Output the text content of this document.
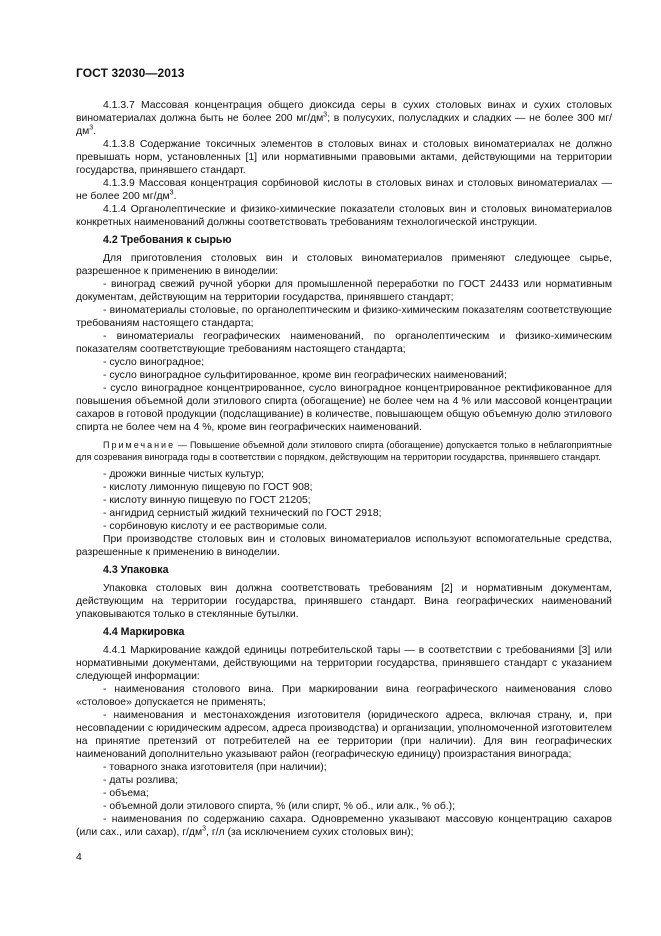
ГОСТ 32030—2013

4.1.3.7 Массовая концентрация общего диоксида серы в сухих столовых винах и сухих столовых виноматериалах должна быть не более 200 $мг/дм^3$; в полусухих, полусладких и сладких — не более 300 $мг/дм^3$.

4.1.3.8 Содержание токсичных элементов в столовых винах и столовых виноматериалах не должно превышать норм, установленных [1] или нормативными правовыми актами, действующими на территории государства, принявшего стандарт.

4.1.3.9 Массовая концентрация сорбиновой кислоты в столовых винах и столовых виноматериалах — не более 200 $мг/дм^3$.

4.1.4 Органолептические и физико-химические показатели столовых вин и столовых виноматериалов конкретных наименований должны соответствовать требованиям технологической инструкции.

4.2 Требования к сырью

Для приготовления столовых вин и столовых виноматериалов применяют следующее сырье, разрешенное к применению в виноделии:

- виноград свежий ручной уборки для промышленной переработки по ГОСТ 24433 или нормативным документам, действующим на территории государства, принявшего стандарт;

- виноматериалы столовые, по органолептическим и физико-химическим показателям соответствующие требованиям настоящего стандарта;

- виноматериалы географических наименований, по органолептическим и физико-химическим показателям соответствующие требованиям настоящего стандарта;

- сусло виноградное;

- сусло виноградное сульфитированное, кроме вин географических наименований;

- сусло виноградное концентрированное, сусло виноградное концентрированное ректификованное для повышения объемной доли этилового спирта (обогащение) не более чем на 4 % или массовой концентрации сахаров в готовой продукции (подслащивание) в количестве, повышающем общую объемную долю этилового спирта не более чем на 4 %, кроме вин географических наименований.

Примечание — Повышение объемной доли этилового спирта (обогащение) допускается только в неблагоприятные для созревания винограда годы в соответствии с порядком, действующим на территории государства, принявшего стандарт.

- дрожжи винные чистых культур;

- кислоту лимонную пищевую по ГОСТ 908;

- кислоту винную пищевую по ГОСТ 21205;

- ангидрид сернистый жидкий технический по ГОСТ 2918;

- сорбиновую кислоту и ее растворимые соли.

При производстве столовых вин и столовых виноматериалов используют вспомогательные средства, разрешенные к применению в виноделии.

4.3 Упаковка

Упаковка столовых вин должна соответствовать требованиям [2] и нормативным документам, действующим на территории государства, принявшего стандарт. Вина географических наименований упаковываются только в стеклянные бутылки.

4.4 Маркировка

4.4.1 Маркирование каждой единицы потребительской тары — в соответствии с требованиями [3] или нормативными документами, действующими на территории государства, принявшего стандарт с указанием следующей информации:

- наименования столового вина. При маркировании вина географического наименования слово «столовое» допускается не применять;

- наименования и местонахождения изготовителя (юридического адреса, включая страну, и, при несовпадении с юридическим адресом, адреса производства) и организации, уполномоченной изготовителем на принятие претензий от потребителей на ее территории (при наличии). Для вин географических наименований дополнительно указывают район (географическую единицу) произрастания винограда;

- товарного знака изготовителя (при наличии);

- даты розлива;

- объема;

- объемной доли этилового спирта, % (или спирт, % об., или алк., % об.);

- наименования по содержанию сахара. Одновременно указывают массовую концентрацию сахаров (или сах., или сахар), $г/дм^3$, г/л (за исключением сухих столовых вин);

4
